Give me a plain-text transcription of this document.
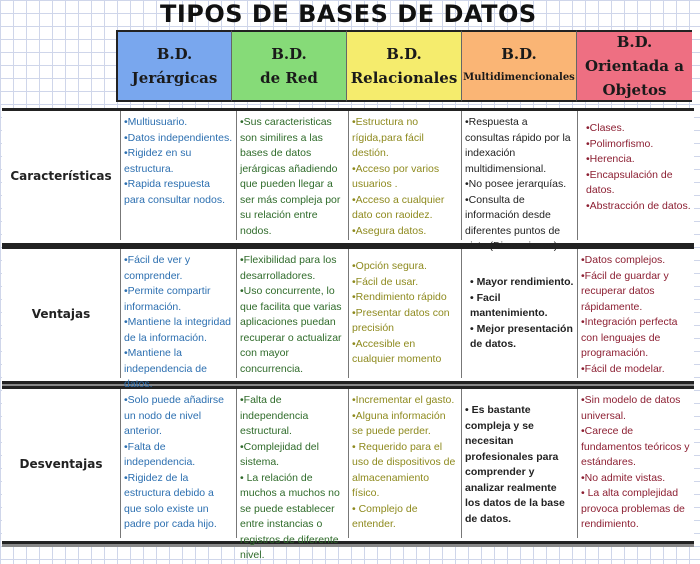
TIPOS DE BASES DE DATOS
B.D.
Jerárgicas
B.D.
de Red
B.D.
Relacionales
B.D.
Multidimencionales
B.D.
Orientada a Objetos
Características
•Multiusuario.
•Datos independientes.
•Rigidez en su estructura.
•Rapida respuesta para consultar nodos.
•Sus caracteristicas son similires a las bases de datos jerárgicas añadiendo que pueden llegar a ser más compleja por su relación entre nodos.
•Estructura no rígida,para fácil destión.
•Acceso por varios usuarios .
•Acceso a cualquier dato con raoidez.
•Asegura datos.
•Respuesta a consultas rápido por la indexación multidimensional.
•No posee jerarquías.
•Consulta de información desde diferentes puntos de vista (Dimensiones).
•Clases.
•Polimorfismo.
•Herencia.
•Encapsulación de datos.
•Abstracción de datos.
Ventajas
•Fácil de ver y comprender.
•Permite compartir información.
•Mantiene la integridad de la información.
•Mantiene la independencia de datos.
•Flexibilidad para los desarrolladores.
•Uso concurrente, lo que facilita que varias aplicaciones puedan recuperar o actualizar con mayor concurrencia.
•Opción segura.
•Fácil de usar.
•Rendimiento rápido
•Presentar datos con precisión
•Accesible en cualquier momento
• Mayor rendimiento.
• Facil mantenimiento.
• Mejor presentación de datos.
•Datos complejos.
•Fácil de guardar y recuperar datos rápidamente.
•Integración perfecta con lenguajes de programación.
•Fácil de modelar.
Desventajas
•Solo puede añadirse un nodo de nivel anterior.
•Falta de independencia.
•Rigidez de la estructura debido a que solo existe un padre por cada hijo.
•Falta de independencia estructural.
•Complejidad del sistema.
• La relación de muchos a muchos no se puede establecer entre instancias o registros de diferente nivel.
•Incrementar el gasto.
•Alguna información se puede perder.
• Requerido para el uso de dispositivos de almacenamiento físico.
• Complejo de entender.
• Es bastante compleja y se necesitan profesionales para comprender y analizar realmente los datos de la base de datos.
•Sin modelo de datos universal.
•Carece de fundamentos teóricos y estándares.
•No admite vistas.
• La alta complejidad provoca problemas de rendimiento.
